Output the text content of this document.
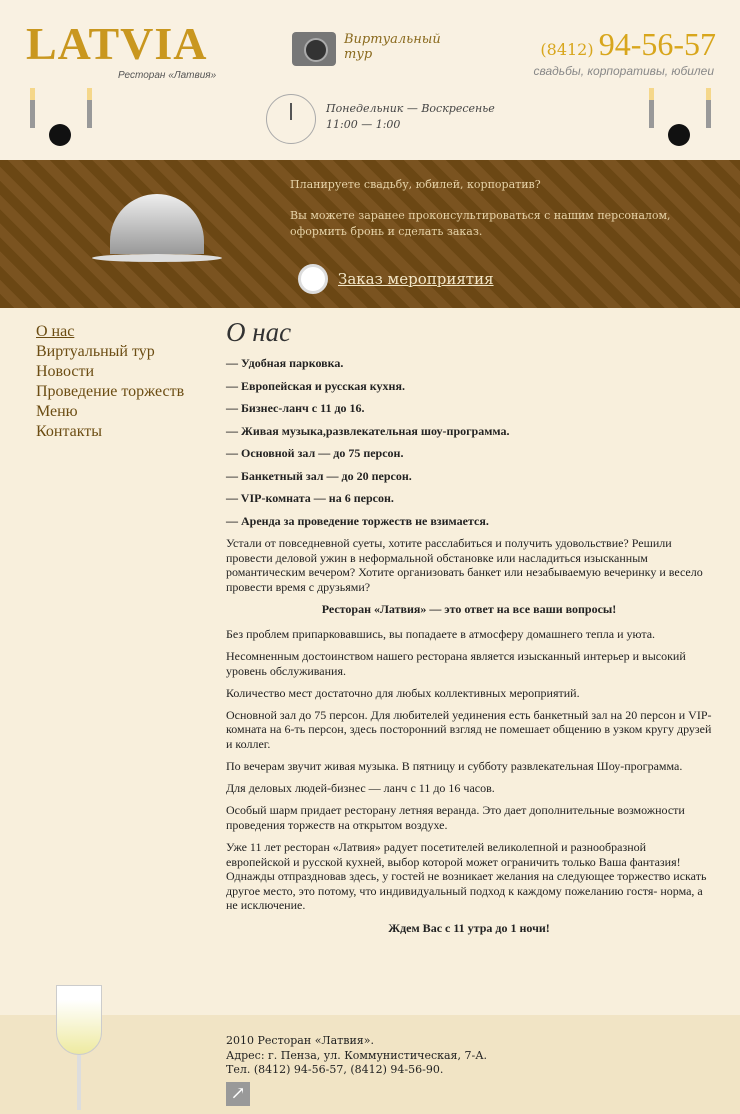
LATVIA
Ресторан «Латвия»
Виртуальный тур	(8412) 94-56-57
свадьбы, корпоративы, юбилеи
Понедельник — Воскресенье
11:00 — 1:00
Планируете свадьбу, юбилей, корпоратив?
Вы можете заранее проконсультироваться с нашим персоналом, оформить бронь и сделать заказ.
Заказ мероприятия
О нас
Виртуальный тур
Новости
Проведение торжеств
Меню
Контакты
О нас
— Удобная парковка.
— Европейская и русская кухня.
— Бизнес-ланч с 11 до 16.
— Живая музыка,развлекательная шоу-программа.
— Основной зал — до 75 персон.
— Банкетный зал — до 20 персон.
— VIP-комната — на 6 персон.
— Аренда за проведение торжеств не взимается.

Устали от повседневной суеты, хотите расслабиться и получить удовольствие? Решили провести деловой ужин в неформальной обстановке или насладиться изысканным романтическим вечером? Хотите организовать банкет или незабываемую вечеринку и весело провести время с друзьями?

Ресторан «Латвия» — это ответ на все ваши вопросы!

Без проблем припарковавшись, вы попадаете в атмосферу домашнего тепла и уюта.

Несомненным достоинством нашего ресторана является изысканный интерьер и высокий уровень обслуживания.

Количество мест достаточно для любых коллективных мероприятий.

Основной зал до 75 персон. Для любителей уединения есть банкетный зал на 20 персон и VIP-комната на 6-ть персон, здесь посторонний взгляд не помешает общению в узком кругу друзей и коллег.

По вечерам звучит живая музыка. В пятницу и субботу развлекательная Шоу-программа.

Для деловых людей-бизнес — ланч с 11 до 16 часов.

Особый шарм придает ресторану летняя веранда. Это дает дополнительные возможности проведения торжеств на открытом воздухе.

Уже 11 лет ресторан «Латвия» радует посетителей великолепной и разнообразной европейской и русской кухней, выбор которой может ограничить только Ваша фантазия! Однажды отпраздновав здесь, у гостей не возникает желания на следующее торжество искать другое место, это потому, что индивидуальный подход к каждому пожеланию гостя- норма, а не исключение.

Ждем Вас с 11 утра до 1 ночи!

2010 Ресторан «Латвия».
Адрес: г. Пенза, ул. Коммунистическая, 7-А.
Тел. (8412) 94-56-57, (8412) 94-56-90.
↗
